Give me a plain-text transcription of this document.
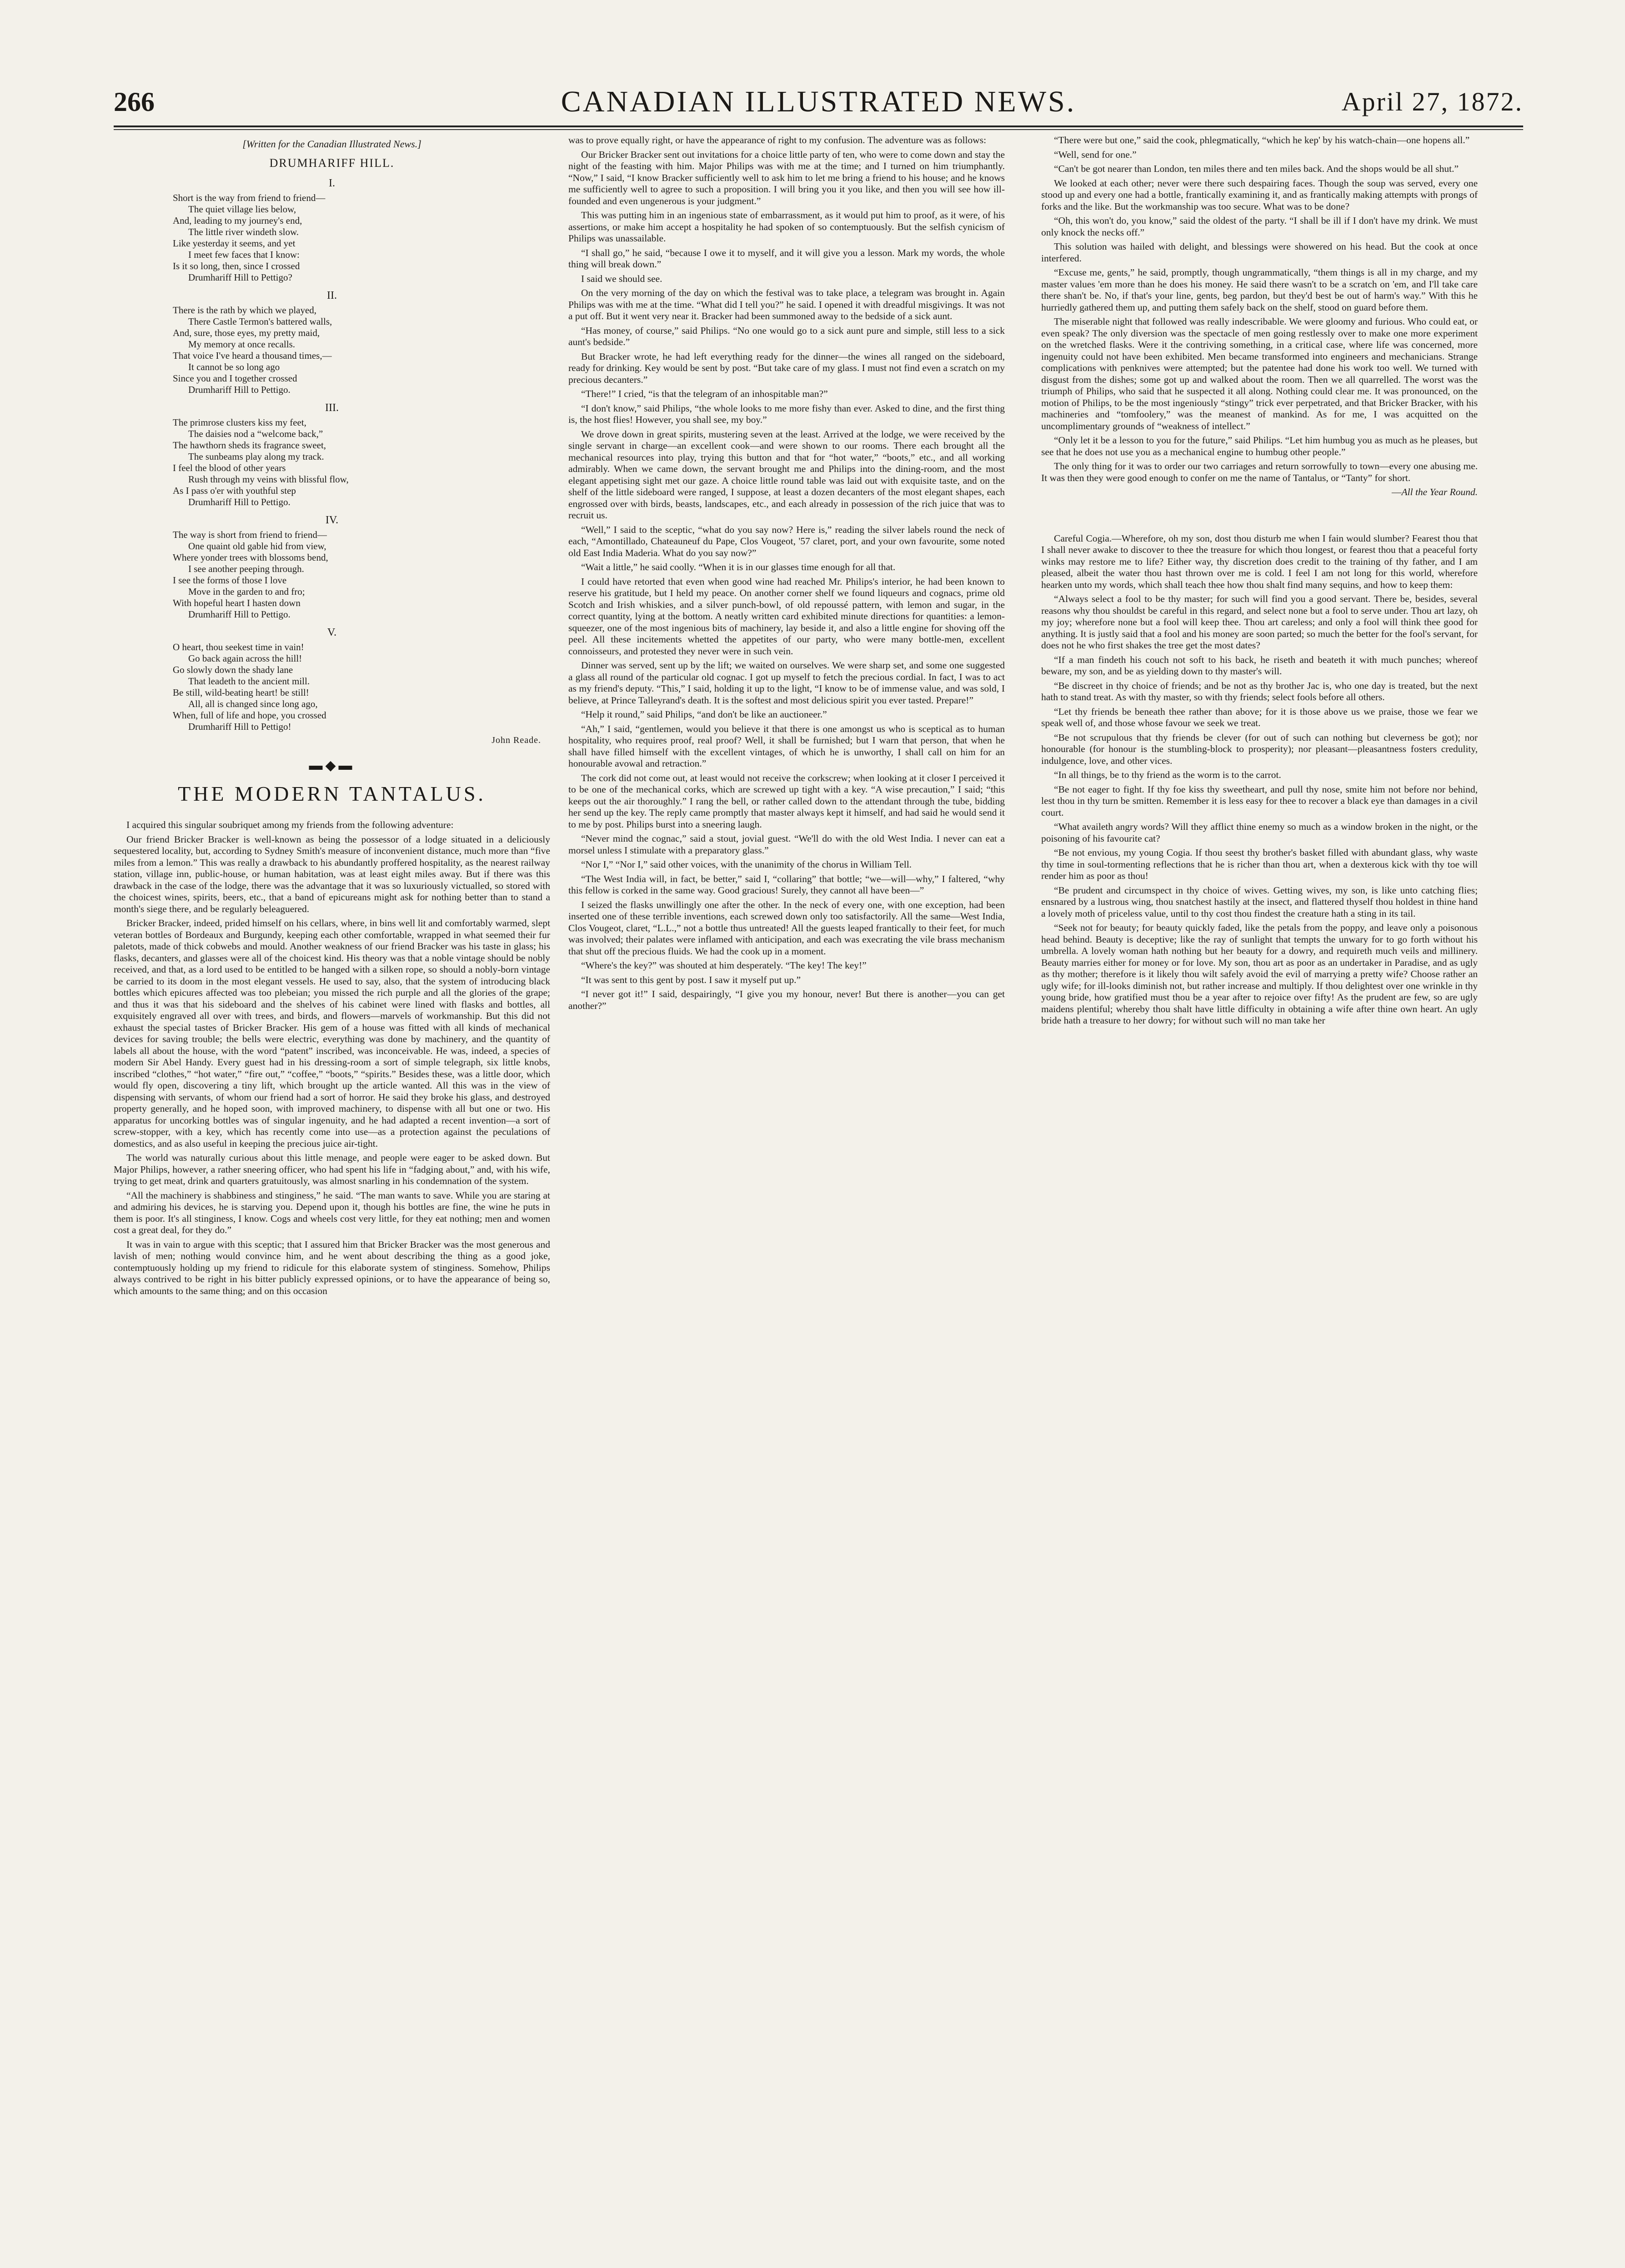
266	CANADIAN ILLUSTRATED NEWS.	April 27, 1872.
[Written for the Canadian Illustrated News.]
DRUMHARIFF HILL.
I.
Short is the way from friend to friend—
The quiet village lies below,
And, leading to my journey's end,
The little river windeth slow.
Like yesterday it seems, and yet
I meet few faces that I know:
Is it so long, then, since I crossed
Drumhariff Hill to Pettigo?
II.
There is the rath by which we played,
There Castle Termon's battered walls,
And, sure, those eyes, my pretty maid,
My memory at once recalls.
That voice I've heard a thousand times,—
It cannot be so long ago
Since you and I together crossed
Drumhariff Hill to Pettigo.
III.
The primrose clusters kiss my feet,
The daisies nod a “welcome back,”
The hawthorn sheds its fragrance sweet,
The sunbeams play along my track.
I feel the blood of other years
Rush through my veins with blissful flow,
As I pass o'er with youthful step
Drumhariff Hill to Pettigo.
IV.
The way is short from friend to friend—
One quaint old gable hid from view,
Where yonder trees with blossoms bend,
I see another peeping through.
I see the forms of those I love
Move in the garden to and fro;
With hopeful heart I hasten down
Drumhariff Hill to Pettigo.
V.
O heart, thou seekest time in vain!
Go back again across the hill!
Go slowly down the shady lane
That leadeth to the ancient mill.
Be still, wild-beating heart! be still!
All, all is changed since long ago,
When, full of life and hope, you crossed
Drumhariff Hill to Pettigo!
John Reade.
▬◆▬
THE MODERN TANTALUS.

I acquired this singular soubriquet among my friends from the following adventure:

Our friend Bricker Bracker is well-known as being the possessor of a lodge situated in a deliciously sequestered locality, but, according to Sydney Smith's measure of inconvenient distance, much more than “five miles from a lemon.” This was really a drawback to his abundantly proffered hospitality, as the nearest railway station, village inn, public-house, or human habitation, was at least eight miles away. But if there was this drawback in the case of the lodge, there was the advantage that it was so luxuriously victualled, so stored with the choicest wines, spirits, beers, etc., that a band of epicureans might ask for nothing better than to stand a month's siege there, and be regularly beleaguered.

Bricker Bracker, indeed, prided himself on his cellars, where, in bins well lit and comfortably warmed, slept veteran bottles of Bordeaux and Burgundy, keeping each other comfortable, wrapped in what seemed their fur paletots, made of thick cobwebs and mould. Another weakness of our friend Bracker was his taste in glass; his flasks, decanters, and glasses were all of the choicest kind. His theory was that a noble vintage should be nobly received, and that, as a lord used to be entitled to be hanged with a silken rope, so should a nobly-born vintage be carried to its doom in the most elegant vessels. He used to say, also, that the system of introducing black bottles which epicures affected was too plebeian; you missed the rich purple and all the glories of the grape; and thus it was that his sideboard and the shelves of his cabinet were lined with flasks and bottles, all exquisitely engraved all over with trees, and birds, and flowers—marvels of workmanship. But this did not exhaust the special tastes of Bricker Bracker. His gem of a house was fitted with all kinds of mechanical devices for saving trouble; the bells were electric, everything was done by machinery, and the quantity of labels all about the house, with the word “patent” inscribed, was inconceivable. He was, indeed, a species of modern Sir Abel Handy. Every guest had in his dressing-room a sort of simple telegraph, six little knobs, inscribed “clothes,” “hot water,” “fire out,” “coffee,” “boots,” “spirits.” Besides these, was a little door, which would fly open, discovering a tiny lift, which brought up the article wanted. All this was in the view of dispensing with servants, of whom our friend had a sort of horror. He said they broke his glass, and destroyed property generally, and he hoped soon, with improved machinery, to dispense with all but one or two. His apparatus for uncorking bottles was of singular ingenuity, and he had adapted a recent invention—a sort of screw-stopper, with a key, which has recently come into use—as a protection against the peculations of domestics, and as also useful in keeping the precious juice air-tight.

The world was naturally curious about this little menage, and people were eager to be asked down. But Major Philips, however, a rather sneering officer, who had spent his life in “fadging about,” and, with his wife, trying to get meat, drink and quarters gratuitously, was almost snarling in his condemnation of the system.

“All the machinery is shabbiness and stinginess,” he said. “The man wants to save. While you are staring at and admiring his devices, he is starving you. Depend upon it, though his bottles are fine, the wine he puts in them is poor. It's all stinginess, I know. Cogs and wheels cost very little, for they eat nothing; men and women cost a great deal, for they do.”

It was in vain to argue with this sceptic; that I assured him that Bricker Bracker was the most generous and lavish of men; nothing would convince him, and he went about describing the thing as a good joke, contemptuously holding up my friend to ridicule for this elaborate system of stinginess. Somehow, Philips always contrived to be right in his bitter publicly expressed opinions, or to have the appearance of being so, which amounts to the same thing; and on this occasion

was to prove equally right, or have the appearance of right to my confusion. The adventure was as follows:

Our Bricker Bracker sent out invitations for a choice little party of ten, who were to come down and stay the night of the feasting with him. Major Philips was with me at the time; and I turned on him triumphantly. “Now,” I said, “I know Bracker sufficiently well to ask him to let me bring a friend to his house; and he knows me sufficiently well to agree to such a proposition. I will bring you it you like, and then you will see how ill-founded and even ungenerous is your judgment.”

This was putting him in an ingenious state of embarrassment, as it would put him to proof, as it were, of his assertions, or make him accept a hospitality he had spoken of so contemptuously. But the selfish cynicism of Philips was unassailable.

“I shall go,” he said, “because I owe it to myself, and it will give you a lesson. Mark my words, the whole thing will break down.”

I said we should see.

On the very morning of the day on which the festival was to take place, a telegram was brought in. Again Philips was with me at the time. “What did I tell you?” he said. I opened it with dreadful misgivings. It was not a put off. But it went very near it. Bracker had been summoned away to the bedside of a sick aunt.

“Has money, of course,” said Philips. “No one would go to a sick aunt pure and simple, still less to a sick aunt's bedside.”

But Bracker wrote, he had left everything ready for the dinner—the wines all ranged on the sideboard, ready for drinking. Key would be sent by post. “But take care of my glass. I must not find even a scratch on my precious decanters.”

“There!” I cried, “is that the telegram of an inhospitable man?”

“I don't know,” said Philips, “the whole looks to me more fishy than ever. Asked to dine, and the first thing is, the host flies! However, you shall see, my boy.”

We drove down in great spirits, mustering seven at the least. Arrived at the lodge, we were received by the single servant in charge—an excellent cook—and were shown to our rooms. There each brought all the mechanical resources into play, trying this button and that for “hot water,” “boots,” etc., and all working admirably. When we came down, the servant brought me and Philips into the dining-room, and the most elegant appetising sight met our gaze. A choice little round table was laid out with exquisite taste, and on the shelf of the little sideboard were ranged, I suppose, at least a dozen decanters of the most elegant shapes, each engrossed over with birds, beasts, landscapes, etc., and each already in possession of the rich juice that was to recruit us.

“Well,” I said to the sceptic, “what do you say now? Here is,” reading the silver labels round the neck of each, “Amontillado, Chateauneuf du Pape, Clos Vougeot, '57 claret, port, and your own favourite, some noted old East India Maderia. What do you say now?”

“Wait a little,” he said coolly. “When it is in our glasses time enough for all that.

I could have retorted that even when good wine had reached Mr. Philips's interior, he had been known to reserve his gratitude, but I held my peace. On another corner shelf we found liqueurs and cognacs, prime old Scotch and Irish whiskies, and a silver punch-bowl, of old repoussé pattern, with lemon and sugar, in the correct quantity, lying at the bottom. A neatly written card exhibited minute directions for quantities: a lemon-squeezer, one of the most ingenious bits of machinery, lay beside it, and also a little engine for shoving off the peel. All these incitements whetted the appetites of our party, who were many bottle-men, excellent connoisseurs, and protested they never were in such vein.

Dinner was served, sent up by the lift; we waited on ourselves. We were sharp set, and some one suggested a glass all round of the particular old cognac. I got up myself to fetch the precious cordial. In fact, I was to act as my friend's deputy. “This,” I said, holding it up to the light, “I know to be of immense value, and was sold, I believe, at Prince Talleyrand's death. It is the softest and most delicious spirit you ever tasted. Prepare!”

“Help it round,” said Philips, “and don't be like an auctioneer.”

“Ah,” I said, “gentlemen, would you believe it that there is one amongst us who is sceptical as to human hospitality, who requires proof, real proof? Well, it shall be furnished; but I warn that person, that when he shall have filled himself with the excellent vintages, of which he is unworthy, I shall call on him for an honourable avowal and retraction.”

The cork did not come out, at least would not receive the corkscrew; when looking at it closer I perceived it to be one of the mechanical corks, which are screwed up tight with a key. “A wise precaution,” I said; “this keeps out the air thoroughly.” I rang the bell, or rather called down to the attendant through the tube, bidding her send up the key. The reply came promptly that master always kept it himself, and had said he would send it to me by post. Philips burst into a sneering laugh.

“Never mind the cognac,” said a stout, jovial guest. “We'll do with the old West India. I never can eat a morsel unless I stimulate with a preparatory glass.”

“Nor I,” “Nor I,” said other voices, with the unanimity of the chorus in William Tell.

“The West India will, in fact, be better,” said I, “collaring” that bottle; “we—will—why,” I faltered, “why this fellow is corked in the same way. Good gracious! Surely, they cannot all have been—”

I seized the flasks unwillingly one after the other. In the neck of every one, with one exception, had been inserted one of these terrible inventions, each screwed down only too satisfactorily. All the same—West India, Clos Vougeot, claret, “L.L.,” not a bottle thus untreated! All the guests leaped frantically to their feet, for much was involved; their palates were inflamed with anticipation, and each was execrating the vile brass mechanism that shut off the precious fluids. We had the cook up in a moment.

“Where's the key?” was shouted at him desperately. “The key! The key!”

“It was sent to this gent by post. I saw it myself put up.”

“I never got it!” I said, despairingly, “I give you my honour, never! But there is another—you can get another?”

“There were but one,” said the cook, phlegmatically, “which he kep' by his watch-chain—one hopens all.”

“Well, send for one.”

“Can't be got nearer than London, ten miles there and ten miles back. And the shops would be all shut.”

We looked at each other; never were there such despairing faces. Though the soup was served, every one stood up and every one had a bottle, frantically examining it, and as frantically making attempts with prongs of forks and the like. But the workmanship was too secure. What was to be done?

“Oh, this won't do, you know,” said the oldest of the party. “I shall be ill if I don't have my drink. We must only knock the necks off.”

This solution was hailed with delight, and blessings were showered on his head. But the cook at once interfered.

“Excuse me, gents,” he said, promptly, though ungrammatically, “them things is all in my charge, and my master values 'em more than he does his money. He said there wasn't to be a scratch on 'em, and I'll take care there shan't be. No, if that's your line, gents, beg pardon, but they'd best be out of harm's way.” With this he hurriedly gathered them up, and putting them safely back on the shelf, stood on guard before them.

The miserable night that followed was really indescribable. We were gloomy and furious. Who could eat, or even speak? The only diversion was the spectacle of men going restlessly over to make one more experiment on the wretched flasks. Were it the contriving something, in a critical case, where life was concerned, more ingenuity could not have been exhibited. Men became transformed into engineers and mechanicians. Strange complications with penknives were attempted; but the patentee had done his work too well. We turned with disgust from the dishes; some got up and walked about the room. Then we all quarrelled. The worst was the triumph of Philips, who said that he suspected it all along. Nothing could clear me. It was pronounced, on the motion of Philips, to be the most ingeniously “stingy” trick ever perpetrated, and that Bricker Bracker, with his machineries and “tomfoolery,” was the meanest of mankind. As for me, I was acquitted on the uncomplimentary grounds of “weakness of intellect.”

“Only let it be a lesson to you for the future,” said Philips. “Let him humbug you as much as he pleases, but see that he does not use you as a mechanical engine to humbug other people.”

The only thing for it was to order our two carriages and return sorrowfully to town—every one abusing me. It was then they were good enough to confer on me the name of Tantalus, or “Tanty” for short.

—All the Year Round.

Careful Cogia.—Wherefore, oh my son, dost thou disturb me when I fain would slumber? Fearest thou that I shall never awake to discover to thee the treasure for which thou longest, or fearest thou that a peaceful forty winks may restore me to life? Either way, thy discretion does credit to the training of thy father, and I am pleased, albeit the water thou hast thrown over me is cold. I feel I am not long for this world, wherefore hearken unto my words, which shall teach thee how thou shalt find many sequins, and how to keep them:

“Always select a fool to be thy master; for such will find you a good servant. There be, besides, several reasons why thou shouldst be careful in this regard, and select none but a fool to serve under. Thou art lazy, oh my joy; wherefore none but a fool will keep thee. Thou art careless; and only a fool will think thee good for anything. It is justly said that a fool and his money are soon parted; so much the better for the fool's servant, for does not he who first shakes the tree get the most dates?

“If a man findeth his couch not soft to his back, he riseth and beateth it with much punches; whereof beware, my son, and be as yielding down to thy master's will.

“Be discreet in thy choice of friends; and be not as thy brother Jac is, who one day is treated, but the next hath to stand treat. As with thy master, so with thy friends; select fools before all others.

“Let thy friends be beneath thee rather than above; for it is those above us we praise, those we fear we speak well of, and those whose favour we seek we treat.

“Be not scrupulous that thy friends be clever (for out of such can nothing but cleverness be got); nor honourable (for honour is the stumbling-block to prosperity); nor pleasant—pleasantness fosters credulity, indulgence, love, and other vices.

“In all things, be to thy friend as the worm is to the carrot.

“Be not eager to fight. If thy foe kiss thy sweetheart, and pull thy nose, smite him not before nor behind, lest thou in thy turn be smitten. Remember it is less easy for thee to recover a black eye than damages in a civil court.

“What availeth angry words? Will they afflict thine enemy so much as a window broken in the night, or the poisoning of his favourite cat?

“Be not envious, my young Cogia. If thou seest thy brother's basket filled with abundant glass, why waste thy time in soul-tormenting reflections that he is richer than thou art, when a dexterous kick with thy toe will render him as poor as thou!

“Be prudent and circumspect in thy choice of wives. Getting wives, my son, is like unto catching flies; ensnared by a lustrous wing, thou snatchest hastily at the insect, and flattered thyself thou holdest in thine hand a lovely moth of priceless value, until to thy cost thou findest the creature hath a sting in its tail.

“Seek not for beauty; for beauty quickly faded, like the petals from the poppy, and leave only a poisonous head behind. Beauty is deceptive; like the ray of sunlight that tempts the unwary for to go forth without his umbrella. A lovely woman hath nothing but her beauty for a dowry, and requireth much veils and millinery. Beauty marries either for money or for love. My son, thou art as poor as an undertaker in Paradise, and as ugly as thy mother; therefore is it likely thou wilt safely avoid the evil of marrying a pretty wife? Choose rather an ugly wife; for ill-looks diminish not, but rather increase and multiply. If thou delightest over one wrinkle in thy young bride, how gratified must thou be a year after to rejoice over fifty! As the prudent are few, so are ugly maidens plentiful; whereby thou shalt have little difficulty in obtaining a wife after thine own heart. An ugly bride hath a treasure to her dowry; for without such will no man take her
